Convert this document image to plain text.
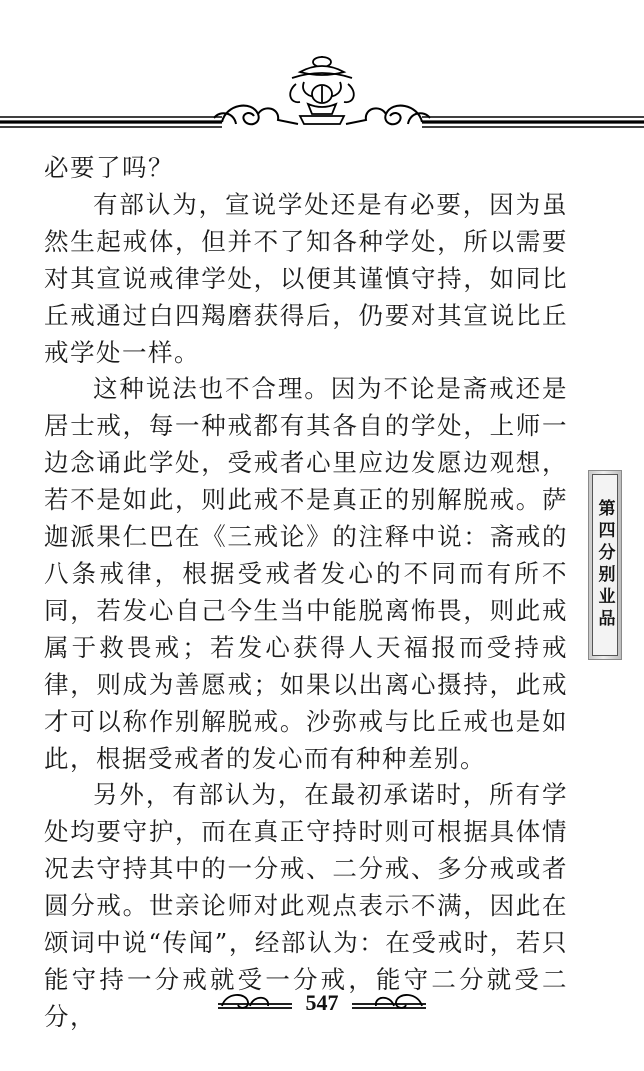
必要了吗？

有部认为，宣说学处还是有必要，因为虽然生起戒体，但并不了知各种学处，所以需要对其宣说戒律学处，以便其谨慎守持，如同比丘戒通过白四羯磨获得后，仍要对其宣说比丘戒学处一样。

这种说法也不合理。因为不论是斋戒还是居士戒，每一种戒都有其各自的学处，上师一边念诵此学处，受戒者心里应边发愿边观想，若不是如此，则此戒不是真正的别解脱戒。萨迦派果仁巴在《三戒论》的注释中说：斋戒的八条戒律，根据受戒者发心的不同而有所不同，若发心自己今生当中能脱离怖畏，则此戒属于救畏戒；若发心获得人天福报而受持戒律，则成为善愿戒；如果以出离心摄持，此戒才可以称作别解脱戒。沙弥戒与比丘戒也是如此，根据受戒者的发心而有种种差别。

另外，有部认为，在最初承诺时，所有学处均要守护，而在真正守持时则可根据具体情况去守持其中的一分戒、二分戒、多分戒或者圆分戒。世亲论师对此观点表示不满，因此在颂词中说“传闻”，经部认为：在受戒时，若只能守持一分戒就受一分戒，能守二分就受二分，

第四分别业品
547
